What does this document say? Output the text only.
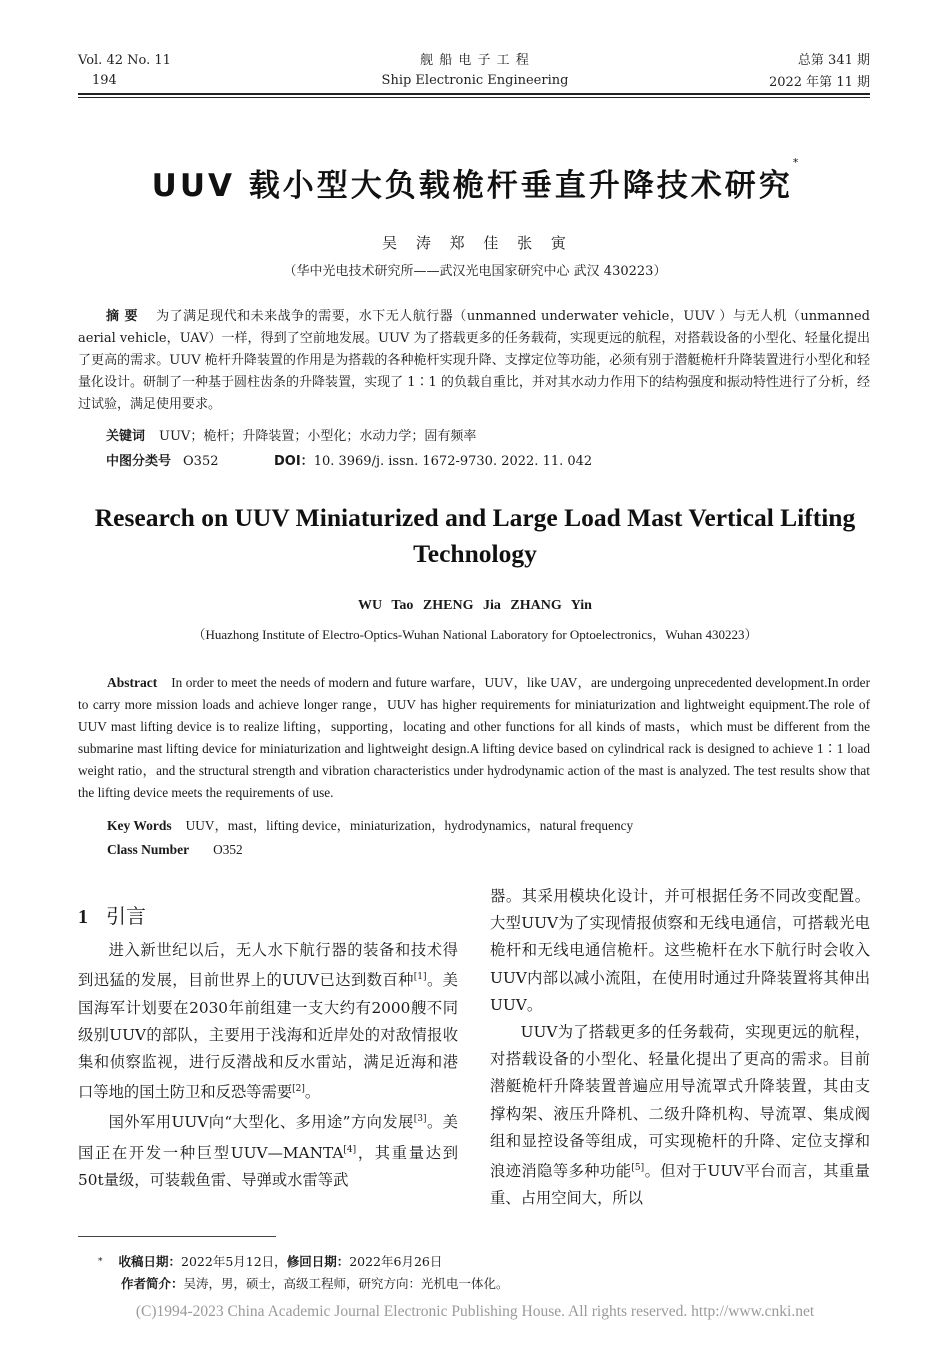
Vol. 42 No. 11
194
舰 船 电 子 工 程
Ship Electronic Engineering
总第 341 期
2022 年第 11 期
UUV 载小型大负载桅杆垂直升降技术研究*
吴 涛 郑 佳 张 寅
（华中光电技术研究所——武汉光电国家研究中心 武汉 430223）
摘 要 为了满足现代和未来战争的需要，水下无人航行器（unmanned underwater vehicle，UUV ）与无人机（unmanned aerial vehicle，UAV）一样，得到了空前地发展。UUV 为了搭载更多的任务载荷，实现更远的航程，对搭载设备的小型化、轻量化提出了更高的需求。UUV 桅杆升降装置的作用是为搭载的各种桅杆实现升降、支撑定位等功能，必须有别于潜艇桅杆升降装置进行小型化和轻量化设计。研制了一种基于圆柱齿条的升降装置，实现了 1∶1 的负载自重比，并对其水动力作用下的结构强度和振动特性进行了分析，经过试验，满足使用要求。
关键词 UUV；桅杆；升降装置；小型化；水动力学；固有频率
中图分类号 O352	DOI：10. 3969/j. issn. 1672-9730. 2022. 11. 042
Research on UUV Miniaturized and Large Load Mast Vertical Lifting Technology
WU Tao ZHENG Jia ZHANG Yin
（Huazhong Institute of Electro-Optics-Wuhan National Laboratory for Optoelectronics，Wuhan 430223）
Abstract In order to meet the needs of modern and future warfare，UUV，like UAV，are undergoing unprecedented development.In order to carry more mission loads and achieve longer range，UUV has higher requirements for miniaturization and lightweight equipment.The role of UUV mast lifting device is to realize lifting，supporting，locating and other functions for all kinds of masts，which must be different from the submarine mast lifting device for miniaturization and lightweight design.A lifting device based on cylindrical rack is designed to achieve 1∶1 load weight ratio，and the structural strength and vibration characteristics under hydrodynamic action of the mast is analyzed. The test results show that the lifting device meets the requirements of use.
Key Words UUV，mast，lifting device，miniaturization，hydrodynamics，natural frequency
Class Number O352
1 引言

进入新世纪以后，无人水下航行器的装备和技术得到迅猛的发展，目前世界上的UUV已达到数百种[1]。美国海军计划要在2030年前组建一支大约有2000艘不同级别UUV的部队，主要用于浅海和近岸处的对敌情报收集和侦察监视，进行反潜战和反水雷站，满足近海和港口等地的国土防卫和反恐等需要[2]。

国外军用UUV向“大型化、多用途”方向发展[3]。美国正在开发一种巨型UUV—MANTA[4]，其重量达到50t量级，可装载鱼雷、导弹或水雷等武

器。其采用模块化设计，并可根据任务不同改变配置。大型UUV为了实现情报侦察和无线电通信，可搭载光电桅杆和无线电通信桅杆。这些桅杆在水下航行时会收入UUV内部以减小流阻，在使用时通过升降装置将其伸出UUV。

UUV为了搭载更多的任务载荷，实现更远的航程，对搭载设备的小型化、轻量化提出了更高的需求。目前潜艇桅杆升降装置普遍应用导流罩式升降装置，其由支撑构架、液压升降机、二级升降机构、导流罩、集成阀组和显控设备等组成，可实现桅杆的升降、定位支撑和浪迹消隐等多种功能[5]。但对于UUV平台而言，其重量重、占用空间大，所以

* 收稿日期：2022年5月12日，修回日期：2022年6月26日
作者简介：吴涛，男，硕士，高级工程师，研究方向：光机电一体化。
(C)1994-2023 China Academic Journal Electronic Publishing House. All rights reserved. http://www.cnki.net
